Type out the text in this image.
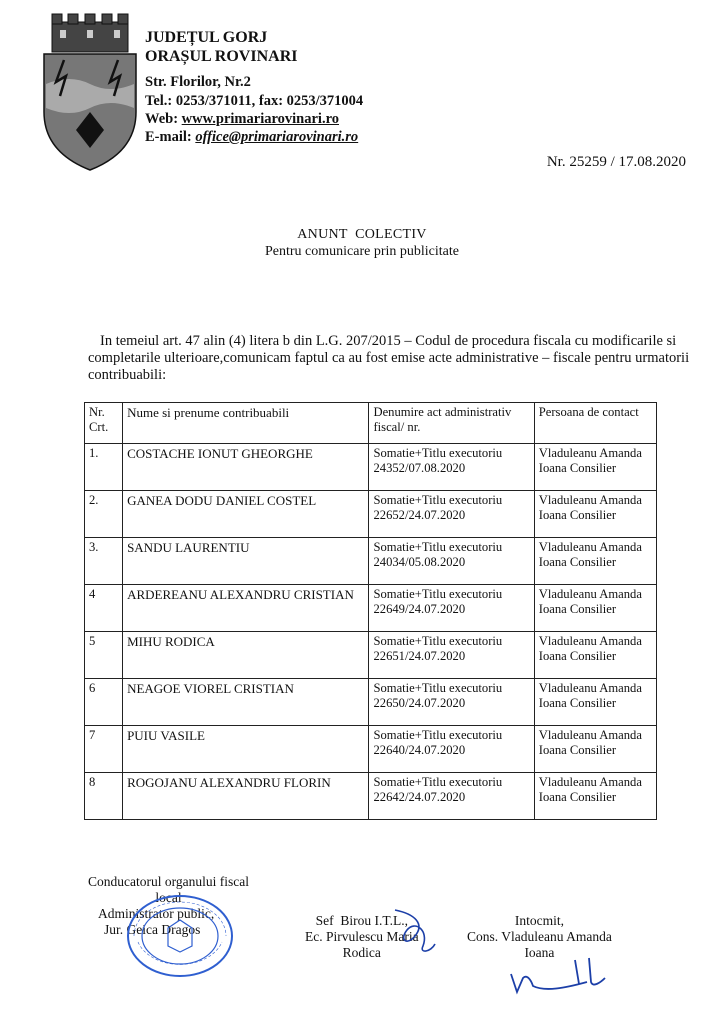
JUDEȚUL GORJ
ORAȘUL ROVINARI
Str. Florilor, Nr.2
Tel.: 0253/371011, fax: 0253/371004
Web: www.primariarovinari.ro
E-mail: office@primariarovinari.ro
Nr. 25259 / 17.08.2020
ANUNT  COLECTIV
Pentru comunicare prin publicitate
In temeiul art. 47 alin (4) litera b din L.G. 207/2015 – Codul de procedura fiscala cu modificarile si completarile ulterioare,comunicam faptul ca au fost emise acte administrative – fiscale pentru urmatorii contribuabili:
Nr. Crt.	Nume si prenume contribuabili	Denumire act administrativ fiscal/ nr.	Persoana de contact
1.	COSTACHE IONUT GHEORGHE	Somatie+Titlu executoriu 24352/07.08.2020	Vladuleanu Amanda Ioana Consilier
2.	GANEA DODU DANIEL COSTEL	Somatie+Titlu executoriu 22652/24.07.2020	Vladuleanu Amanda Ioana Consilier
3.	SANDU LAURENTIU	Somatie+Titlu executoriu 24034/05.08.2020	Vladuleanu Amanda Ioana Consilier
4	ARDEREANU ALEXANDRU CRISTIAN	Somatie+Titlu executoriu 22649/24.07.2020	Vladuleanu Amanda Ioana Consilier
5	MIHU RODICA	Somatie+Titlu executoriu 22651/24.07.2020	Vladuleanu Amanda Ioana Consilier
6	NEAGOE VIOREL CRISTIAN	Somatie+Titlu executoriu 22650/24.07.2020	Vladuleanu Amanda Ioana Consilier
7	PUIU VASILE	Somatie+Titlu executoriu 22640/24.07.2020	Vladuleanu Amanda Ioana Consilier
8	ROGOJANU ALEXANDRU FLORIN	Somatie+Titlu executoriu 22642/24.07.2020	Vladuleanu Amanda Ioana Consilier
Conducatorul organului fiscal
local
Administrator public,
Jur. Geica Dragos
Sef  Birou I.T.L.,
Ec. Pirvulescu Maria
Rodica
Intocmit,
Cons. Vladuleanu Amanda
Ioana
